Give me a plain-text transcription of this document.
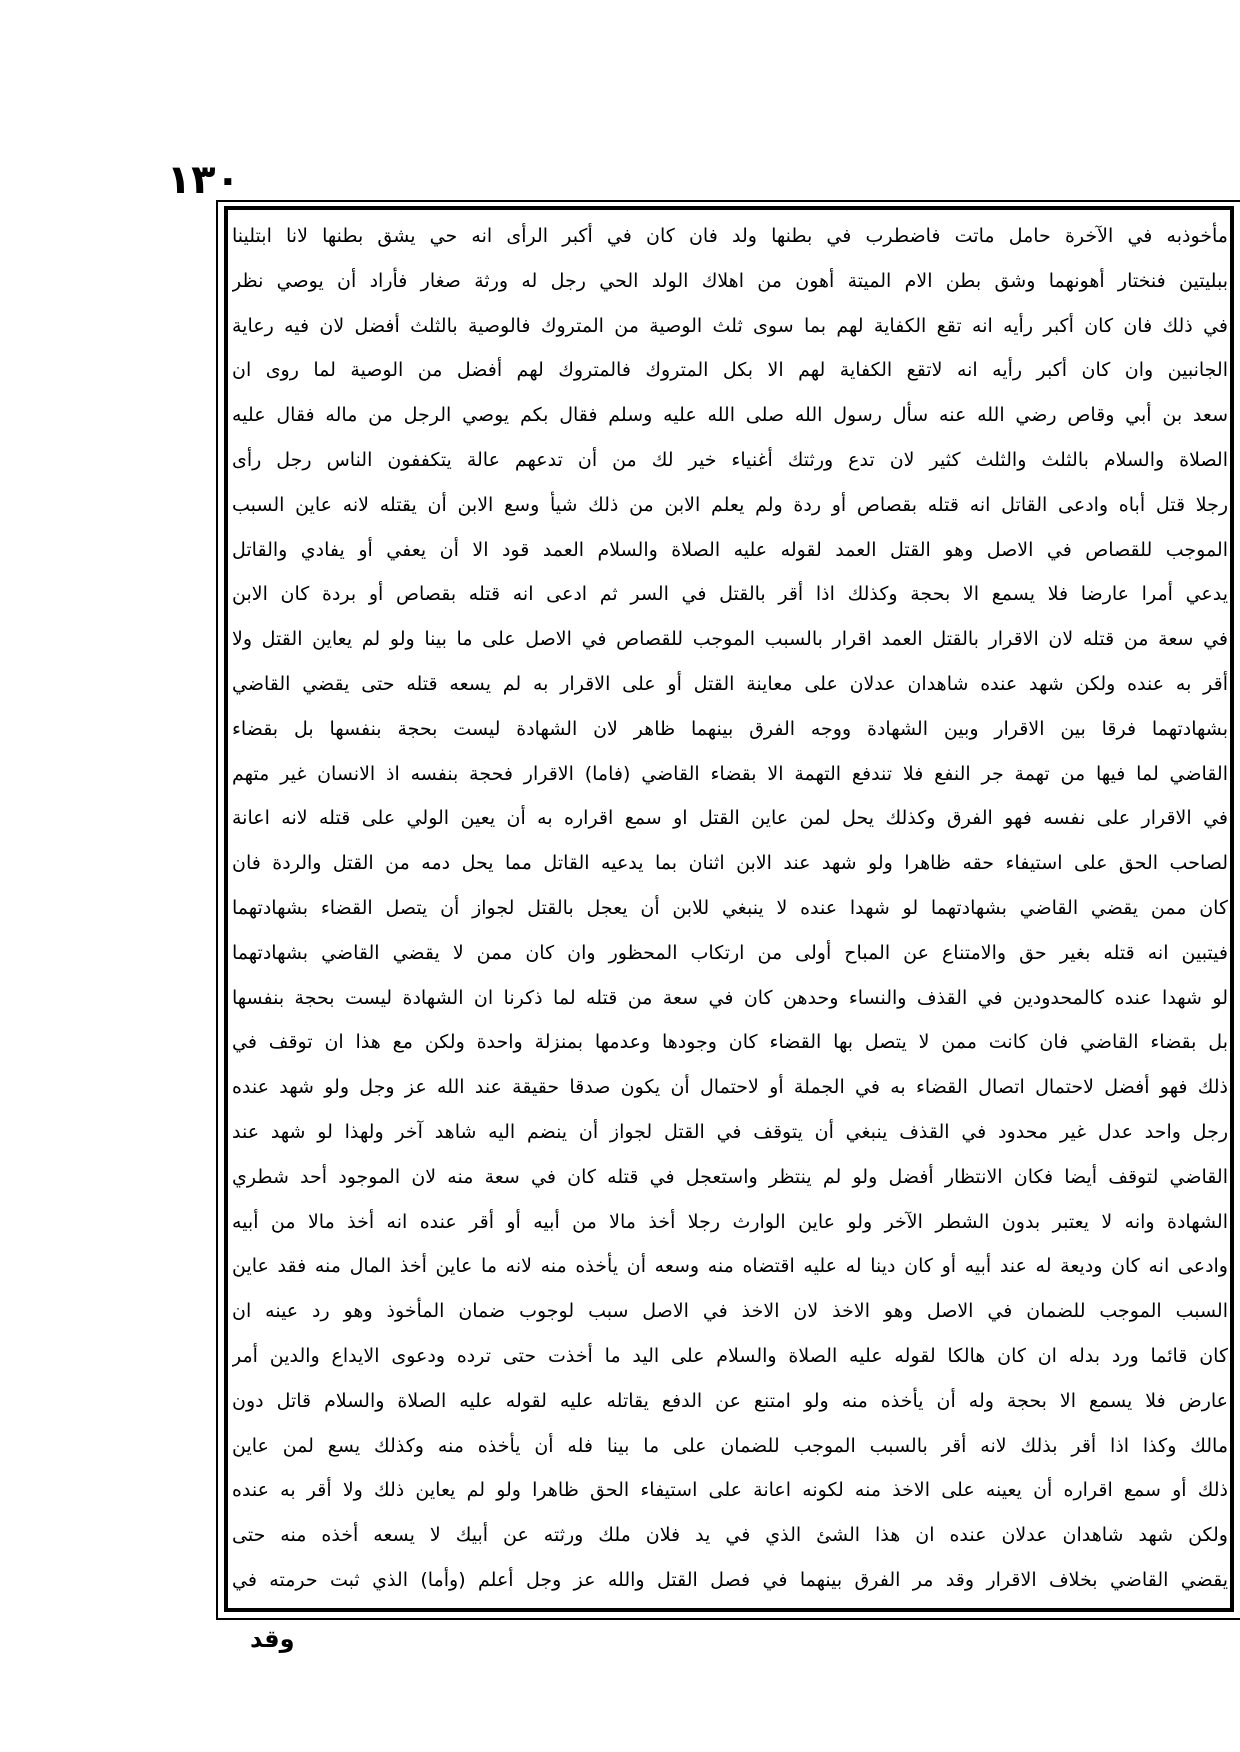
١٣٠
مأخوذبه في الآخرة حامل ماتت فاضطرب في بطنها ولد فان كان في أكبر الرأى انه حي يشق بطنها لانا ابتلينا
ببليتين فنختار أهونهما وشق بطن الام الميتة أهون من اهلاك الولد الحي رجل له ورثة صغار فأراد أن يوصي نظر
في ذلك فان كان أكبر رأيه انه تقع الكفاية لهم بما سوى ثلث الوصية من المتروك فالوصية بالثلث أفضل لان فيه رعاية
الجانبين وان كان أكبر رأيه انه لاتقع الكفاية لهم الا بكل المتروك فالمتروك لهم أفضل من الوصية لما روى ان
سعد بن أبي وقاص رضي الله عنه سأل رسول الله صلى الله عليه وسلم فقال بكم يوصي الرجل من ماله فقال عليه
الصلاة والسلام بالثلث والثلث كثير لان تدع ورثتك أغنياء خير لك من أن تدعهم عالة يتكففون الناس رجل رأى
رجلا قتل أباه وادعى القاتل انه قتله بقصاص أو ردة ولم يعلم الابن من ذلك شيأ وسع الابن أن يقتله لانه عاين السبب
الموجب للقصاص في الاصل وهو القتل العمد لقوله عليه الصلاة والسلام العمد قود الا أن يعفي أو يفادي والقاتل
يدعي أمرا عارضا فلا يسمع الا بحجة وكذلك اذا أقر بالقتل في السر ثم ادعى انه قتله بقصاص أو بردة كان الابن
في سعة من قتله لان الاقرار بالقتل العمد اقرار بالسبب الموجب للقصاص في الاصل على ما بينا ولو لم يعاين القتل ولا
أقر به عنده ولكن شهد عنده شاهدان عدلان على معاينة القتل أو على الاقرار به لم يسعه قتله حتى يقضي القاضي
بشهادتهما فرقا بين الاقرار وبين الشهادة ووجه الفرق بينهما ظاهر لان الشهادة ليست بحجة بنفسها بل بقضاء
القاضي لما فيها من تهمة جر النفع فلا تندفع التهمة الا بقضاء القاضي (فاما) الاقرار فحجة بنفسه اذ الانسان غير متهم
في الاقرار على نفسه فهو الفرق وكذلك يحل لمن عاين القتل او سمع اقراره به أن يعين الولي على قتله لانه اعانة
لصاحب الحق على استيفاء حقه ظاهرا ولو شهد عند الابن اثنان بما يدعيه القاتل مما يحل دمه من القتل والردة فان
كان ممن يقضي القاضي بشهادتهما لو شهدا عنده لا ينبغي للابن أن يعجل بالقتل لجواز أن يتصل القضاء بشهادتهما
فيتبين انه قتله بغير حق والامتناع عن المباح أولى من ارتكاب المحظور وان كان ممن لا يقضي القاضي بشهادتهما
لو شهدا عنده كالمحدودين في القذف والنساء وحدهن كان في سعة من قتله لما ذكرنا ان الشهادة ليست بحجة بنفسها
بل بقضاء القاضي فان كانت ممن لا يتصل بها القضاء كان وجودها وعدمها بمنزلة واحدة ولكن مع هذا ان توقف في
ذلك فهو أفضل لاحتمال اتصال القضاء به في الجملة أو لاحتمال أن يكون صدقا حقيقة عند الله عز وجل ولو شهد عنده
رجل واحد عدل غير محدود في القذف ينبغي أن يتوقف في القتل لجواز أن ينضم اليه شاهد آخر ولهذا لو شهد عند
القاضي لتوقف أيضا فكان الانتظار أفضل ولو لم ينتظر واستعجل في قتله كان في سعة منه لان الموجود أحد شطري
الشهادة وانه لا يعتبر بدون الشطر الآخر ولو عاين الوارث رجلا أخذ مالا من أبيه أو أقر عنده انه أخذ مالا من أبيه
وادعى انه كان وديعة له عند أبيه أو كان دينا له عليه اقتضاه منه وسعه أن يأخذه منه لانه ما عاين أخذ المال منه فقد عاين
السبب الموجب للضمان في الاصل وهو الاخذ لان الاخذ في الاصل سبب لوجوب ضمان المأخوذ وهو رد عينه ان
كان قائما ورد بدله ان كان هالكا لقوله عليه الصلاة والسلام على اليد ما أخذت حتى ترده ودعوى الايداع والدين أمر
عارض فلا يسمع الا بحجة وله أن يأخذه منه ولو امتنع عن الدفع يقاتله عليه لقوله عليه الصلاة والسلام قاتل دون
مالك وكذا اذا أقر بذلك لانه أقر بالسبب الموجب للضمان على ما بينا فله أن يأخذه منه وكذلك يسع لمن عاين
ذلك أو سمع اقراره أن يعينه على الاخذ منه لكونه اعانة على استيفاء الحق ظاهرا ولو لم يعاين ذلك ولا أقر به عنده
ولكن شهد شاهدان عدلان عنده ان هذا الشئ الذي في يد فلان ملك ورثته عن أبيك لا يسعه أخذه منه حتى
يقضي القاضي بخلاف الاقرار وقد مر الفرق بينهما في فصل القتل والله عز وجل أعلم (وأما) الذي ثبت حرمته في
وقد
